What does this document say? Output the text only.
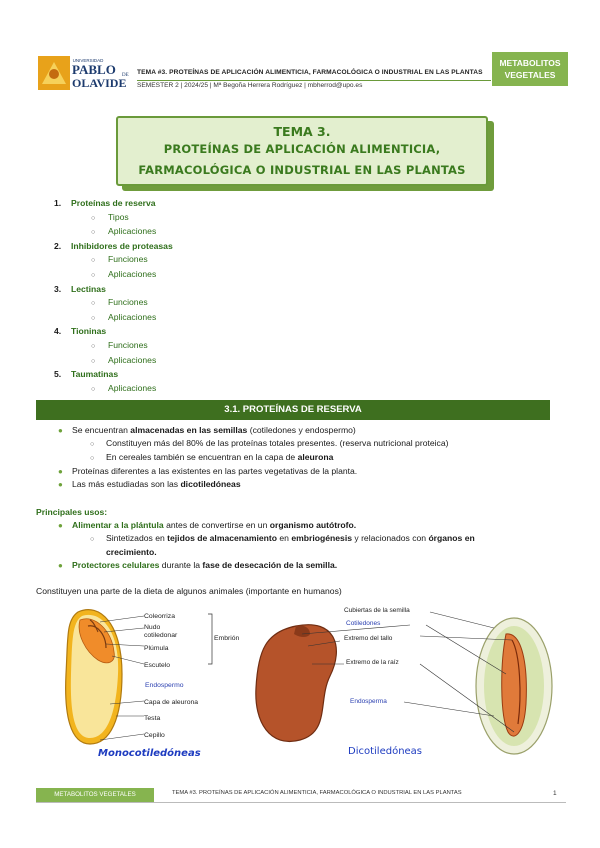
UNIVERSIDAD
PABLO DE
OLAVIDE
TEMA #3. PROTEÍNAS DE APLICACIÓN ALIMENTICIA, FARMACOLÓGICA O INDUSTRIAL EN LAS PLANTAS
SEMESTER 2 | 2024/25 | Mª Begoña Herrera Rodríguez | mbherrod@upo.es
METABOLITOS
VEGETALES
TEMA 3.
PROTEÍNAS DE APLICACIÓN ALIMENTICIA,
FARMACOLÓGICA O INDUSTRIAL EN LAS PLANTAS
1. Proteínas de reserva
○ Tipos
○ Aplicaciones
2. Inhibidores de proteasas
○ Funciones
○ Aplicaciones
3. Lectinas
○ Funciones
○ Aplicaciones
4. Tioninas
○ Funciones
○ Aplicaciones
5. Taumatinas
○ Aplicaciones
3.1. PROTEÍNAS DE RESERVA
● Se encuentran almacenadas en las semillas (cotiledones y endospermo)
○ Constituyen más del 80% de las proteínas totales presentes. (reserva nutricional proteica)
○ En cereales también se encuentran en la capa de aleurona
● Proteínas diferentes a las existentes en las partes vegetativas de la planta.
● Las más estudiadas son las dicotiledóneas
Principales usos:
● Alimentar a la plántula antes de convertirse en un organismo autótrofo.
○ Sintetizados en tejidos de almacenamiento en embriogénesis y relacionados con órganos en
crecimiento.
● Protectores celulares durante la fase de desecación de la semilla.
Constituyen una parte de la dieta de algunos animales (importante en humanos)
Coleorriza
Nudo
cotiledonar
Plúmula
Escutelo
Endospermo
Capa de aleurona
Testa
Cepillo
Monocotiledóneas
Embrión
Cubiertas de la semilla
Cotiledones
Extremo del tallo
Extremo de la raíz
Endosperma
Dicotiledóneas
METABOLITOS VEGETALES	TEMA #3. PROTEÍNAS DE APLICACIÓN ALIMENTICIA, FARMACOLÓGICA O INDUSTRIAL EN LAS PLANTAS	1
